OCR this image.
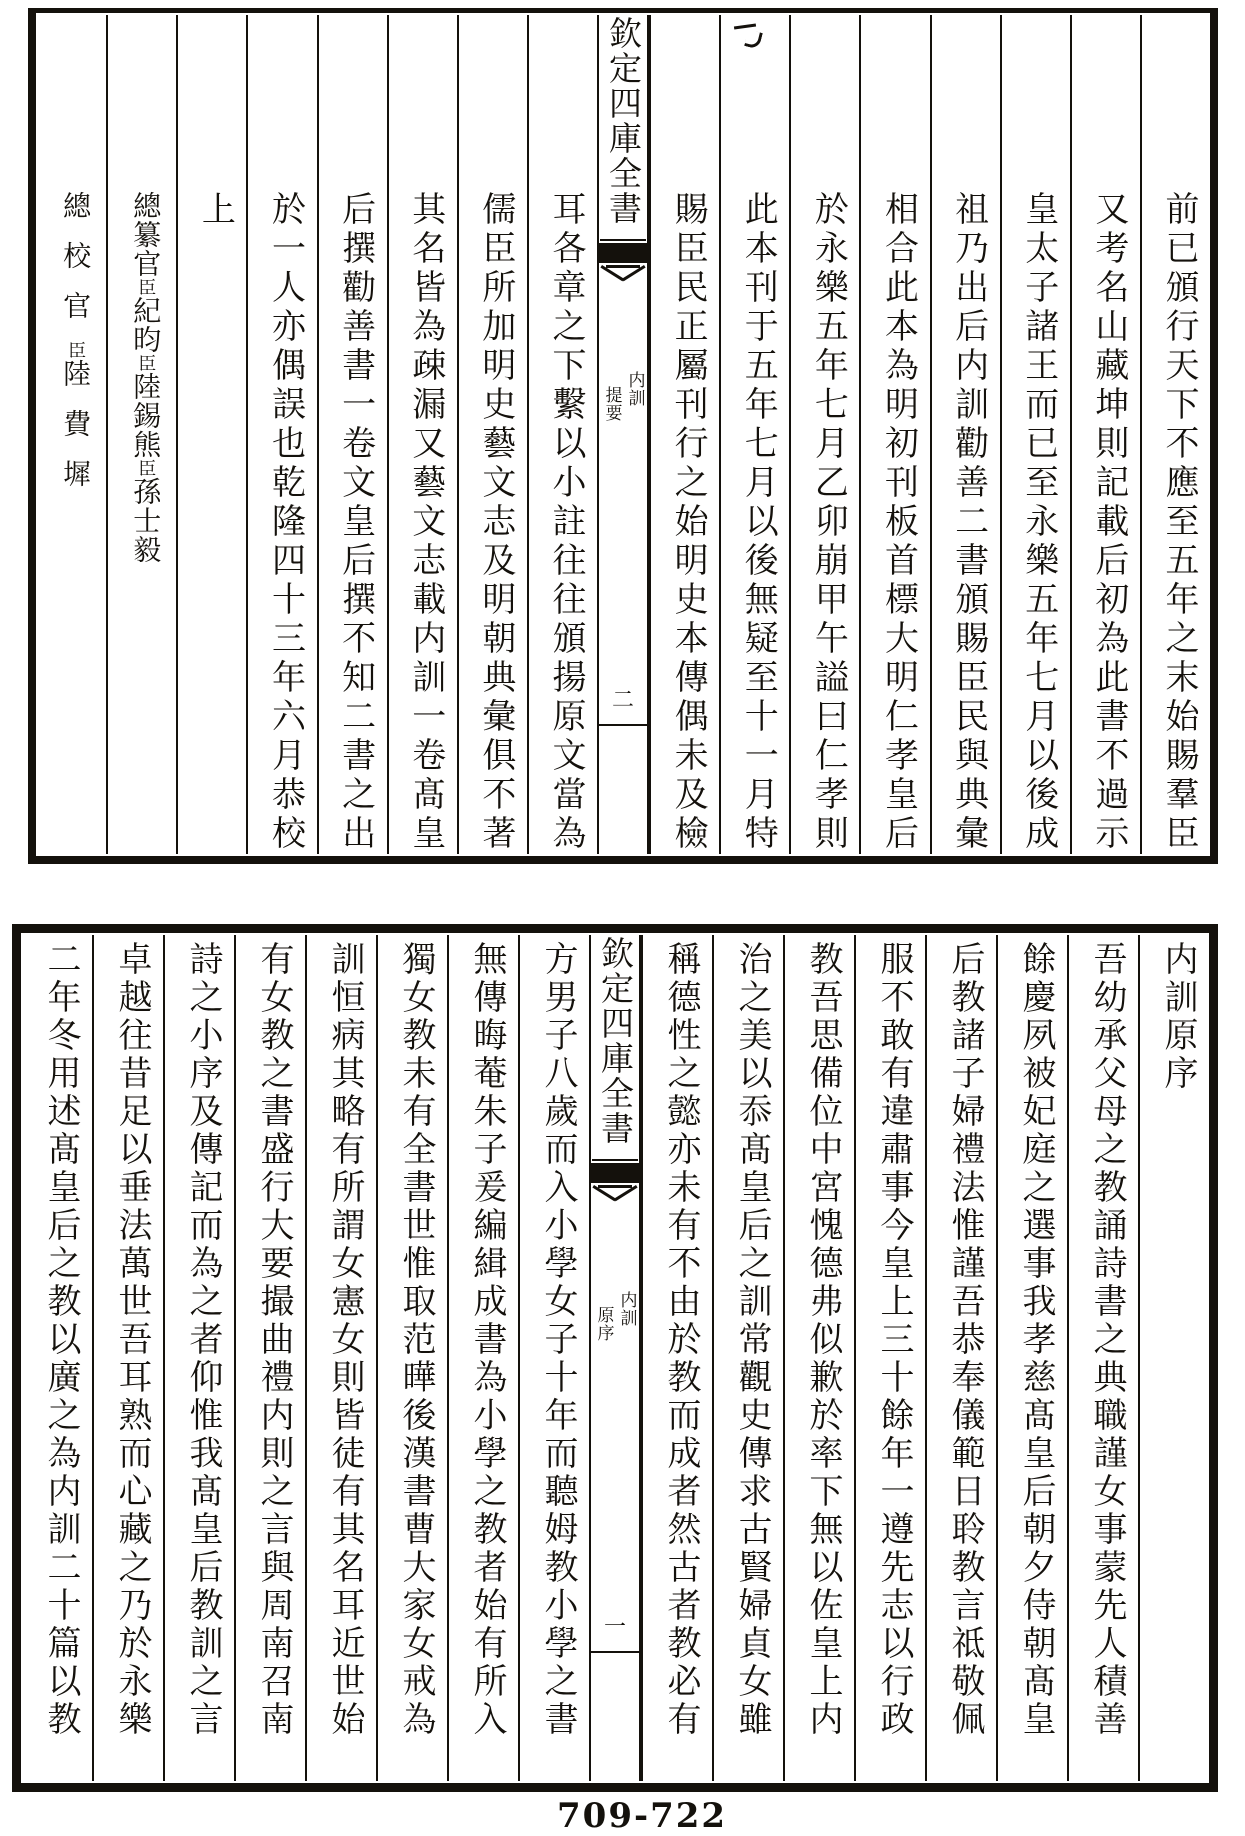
前已頒行天下不應至五年之末始賜羣臣
又考名山藏坤則記載后初為此書不過示
皇太子諸王而已至永樂五年七月以後成
祖乃出后内訓勸善二書頒賜臣民與典彙
相合此本為明初刊板首標大明仁孝皇后
於永樂五年七月乙卯崩甲午謚曰仁孝則
此本刊于五年七月以後無疑至十一月特
賜臣民正屬刊行之始明史本傳偶未及檢
欽定四庫全書
内訓
提要
二
耳各章之下繫以小註往往頒揚原文當為
儒臣所加明史藝文志及明朝典彙俱不著
其名皆為疎漏又藝文志載内訓一卷髙皇
后撰勸善書一卷文皇后撰不知二書之出
於一人亦偶誤也乾隆四十三年六月恭校
上
總纂官臣紀昀臣陸錫熊臣孫士毅
總校官臣陸費墀
内訓原序
吾幼承父母之教誦詩書之典職謹女事蒙先人積善
餘慶夙被妃庭之選事我孝慈髙皇后朝夕侍朝髙皇
后教諸子婦禮法惟謹吾恭奉儀範日聆教言祗敬佩
服不敢有違肅事今皇上三十餘年一遵先志以行政
教吾思備位中宮愧德弗似歉於率下無以佐皇上内
治之美以忝髙皇后之訓常觀史傳求古賢婦貞女雖
稱德性之懿亦未有不由於教而成者然古者教必有
欽定四庫全書
内訓
原序
一
方男子八歲而入小學女子十年而聽姆教小學之書
無傳晦菴朱子爰編緝成書為小學之教者始有所入
獨女教未有全書世惟取范曄後漢書曹大家女戒為
訓恒病其略有所謂女憲女則皆徒有其名耳近世始
有女教之書盛行大要撮曲禮内則之言與周南召南
詩之小序及傳記而為之者仰惟我髙皇后教訓之言
卓越往昔足以垂法萬世吾耳熟而心藏之乃於永樂
二年冬用述髙皇后之教以廣之為内訓二十篇以教
709-722
